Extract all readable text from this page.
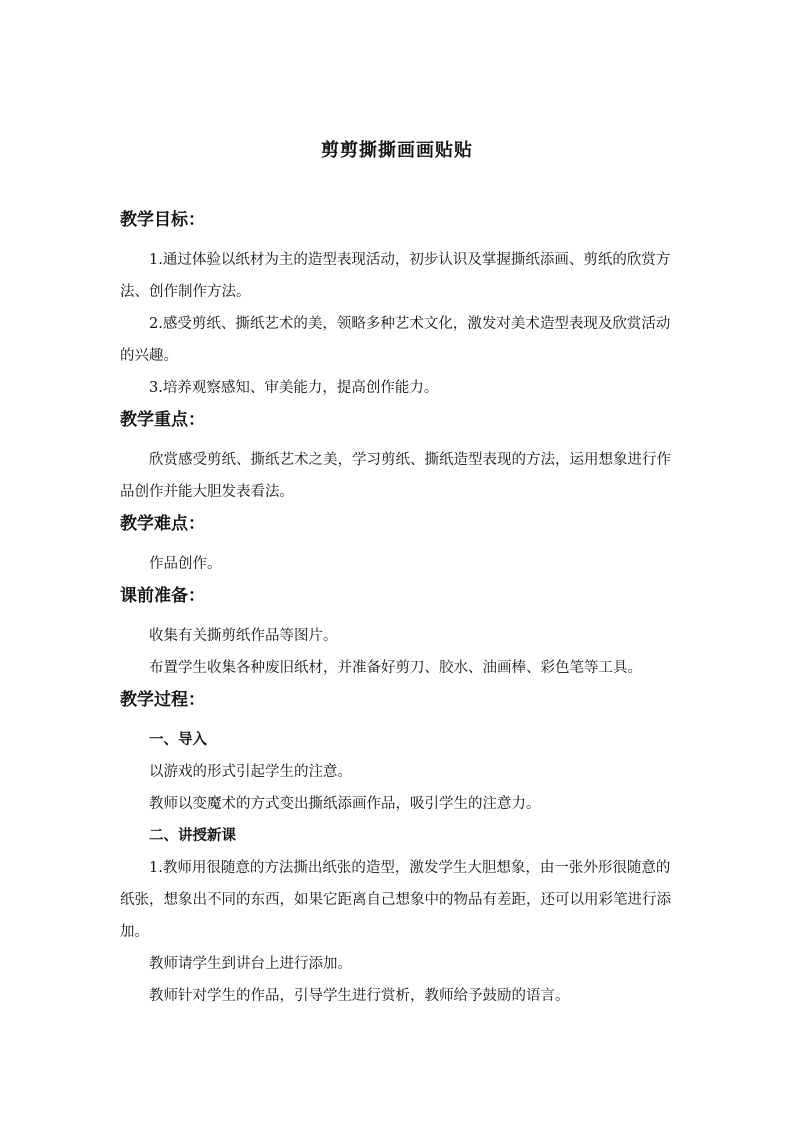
剪剪撕撕画画贴贴
教学目标：

1.通过体验以纸材为主的造型表现活动，初步认识及掌握撕纸添画、剪纸的欣赏方法、创作制作方法。

2.感受剪纸、撕纸艺术的美，领略多种艺术文化，激发对美术造型表现及欣赏活动的兴趣。

3.培养观察感知、审美能力，提高创作能力。

教学重点：

欣赏感受剪纸、撕纸艺术之美，学习剪纸、撕纸造型表现的方法，运用想象进行作品创作并能大胆发表看法。

教学难点：

作品创作。

课前准备：

收集有关撕剪纸作品等图片。

布置学生收集各种废旧纸材，并准备好剪刀、胶水、油画棒、彩色笔等工具。

教学过程：

一、导入

以游戏的形式引起学生的注意。

教师以变魔术的方式变出撕纸添画作品，吸引学生的注意力。

二、讲授新课

1.教师用很随意的方法撕出纸张的造型，激发学生大胆想象，由一张外形很随意的纸张，想象出不同的东西，如果它距离自己想象中的物品有差距，还可以用彩笔进行添加。

教师请学生到讲台上进行添加。

教师针对学生的作品，引导学生进行赏析，教师给予鼓励的语言。
